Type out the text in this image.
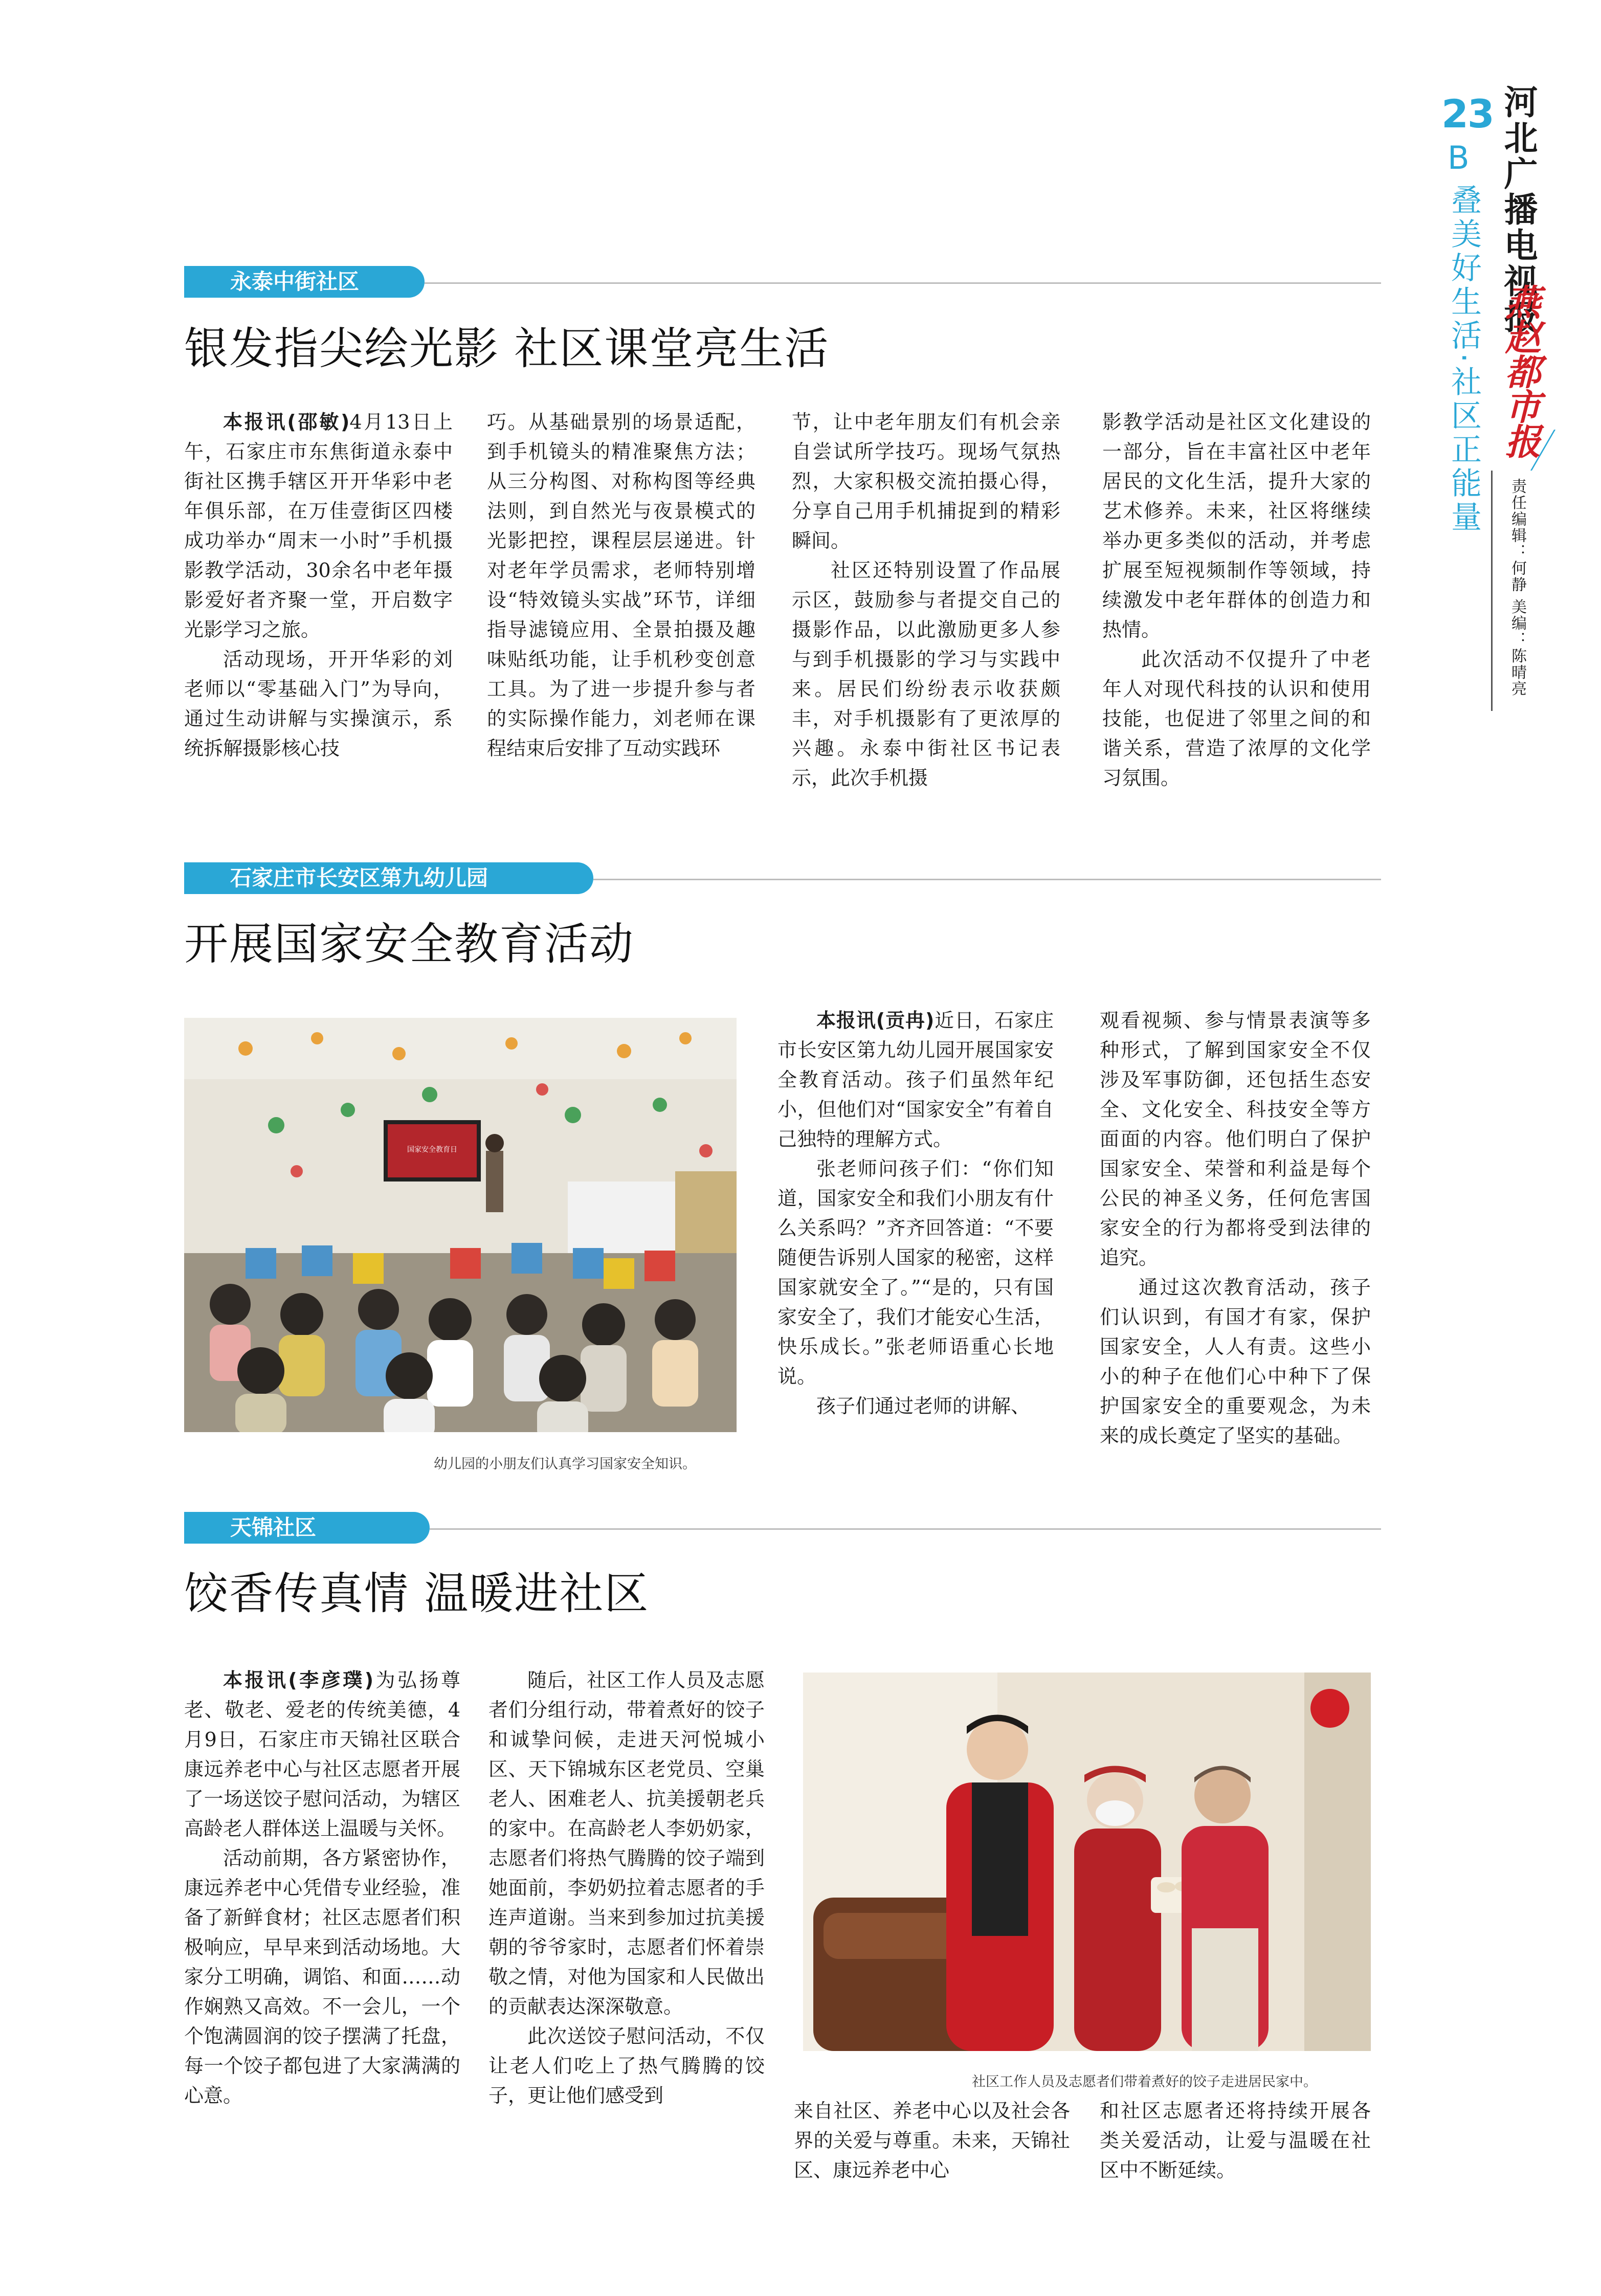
23
B
叠美好生活·社区正能量 河北广播电视报
燕赵都市报
责任编辑：何静 美编：陈晴亮
永泰中街社区
银发指尖绘光影 社区课堂亮生活

本报讯(邵敏)4月13日上午，石家庄市东焦街道永泰中街社区携手辖区开开华彩中老年俱乐部，在万佳壹街区四楼成功举办“周末一小时”手机摄影教学活动，30余名中老年摄影爱好者齐聚一堂，开启数字光影学习之旅。

活动现场，开开华彩的刘老师以“零基础入门”为导向，通过生动讲解与实操演示，系统拆解摄影核心技

巧。从基础景别的场景适配，到手机镜头的精准聚焦方法；从三分构图、对称构图等经典法则，到自然光与夜景模式的光影把控，课程层层递进。针对老年学员需求，老师特别增设“特效镜头实战”环节，详细指导滤镜应用、全景拍摄及趣味贴纸功能，让手机秒变创意工具。为了进一步提升参与者的实际操作能力，刘老师在课程结束后安排了互动实践环

节，让中老年朋友们有机会亲自尝试所学技巧。现场气氛热烈，大家积极交流拍摄心得，分享自己用手机捕捉到的精彩瞬间。

社区还特别设置了作品展示区，鼓励参与者提交自己的摄影作品，以此激励更多人参与到手机摄影的学习与实践中来。居民们纷纷表示收获颇丰，对手机摄影有了更浓厚的兴趣。永泰中街社区书记表示，此次手机摄

影教学活动是社区文化建设的一部分，旨在丰富社区中老年居民的文化生活，提升大家的艺术修养。未来，社区将继续举办更多类似的活动，并考虑扩展至短视频制作等领域，持续激发中老年群体的创造力和热情。

此次活动不仅提升了中老年人对现代科技的认识和使用技能，也促进了邻里之间的和谐关系，营造了浓厚的文化学习氛围。

石家庄市长安区第九幼儿园
开展国家安全教育活动
国家安全教育日
幼儿园的小朋友们认真学习国家安全知识。

本报讯(贡冉)近日，石家庄市长安区第九幼儿园开展国家安全教育活动。孩子们虽然年纪小，但他们对“国家安全”有着自己独特的理解方式。

张老师问孩子们：“你们知道，国家安全和我们小朋友有什么关系吗？”齐齐回答道：“不要随便告诉别人国家的秘密，这样国家就安全了。”“是的，只有国家安全了，我们才能安心生活，快乐成长。”张老师语重心长地说。

孩子们通过老师的讲解、

观看视频、参与情景表演等多种形式，了解到国家安全不仅涉及军事防御，还包括生态安全、文化安全、科技安全等方面面的内容。他们明白了保护国家安全、荣誉和利益是每个公民的神圣义务，任何危害国家安全的行为都将受到法律的追究。

通过这次教育活动，孩子们认识到，有国才有家，保护国家安全，人人有责。这些小小的种子在他们心中种下了保护国家安全的重要观念，为未来的成长奠定了坚实的基础。

天锦社区
饺香传真情 温暖进社区

本报讯(李彦璞)为弘扬尊老、敬老、爱老的传统美德，4月9日，石家庄市天锦社区联合康远养老中心与社区志愿者开展了一场送饺子慰问活动，为辖区高龄老人群体送上温暖与关怀。

活动前期，各方紧密协作，康远养老中心凭借专业经验，准备了新鲜食材；社区志愿者们积极响应，早早来到活动场地。大家分工明确，调馅、和面……动作娴熟又高效。不一会儿，一个个饱满圆润的饺子摆满了托盘，每一个饺子都包进了大家满满的心意。

随后，社区工作人员及志愿者们分组行动，带着煮好的饺子和诚挚问候，走进天河悦城小区、天下锦城东区老党员、空巢老人、困难老人、抗美援朝老兵的家中。在高龄老人李奶奶家，志愿者们将热气腾腾的饺子端到她面前，李奶奶拉着志愿者的手连声道谢。当来到参加过抗美援朝的爷爷家时，志愿者们怀着崇敬之情，对他为国家和人民做出的贡献表达深深敬意。

此次送饺子慰问活动，不仅让老人们吃上了热气腾腾的饺子，更让他们感受到

社区工作人员及志愿者们带着煮好的饺子走进居民家中。

来自社区、养老中心以及社会各界的关爱与尊重。未来，天锦社区、康远养老中心

和社区志愿者还将持续开展各类关爱活动，让爱与温暖在社区中不断延续。
